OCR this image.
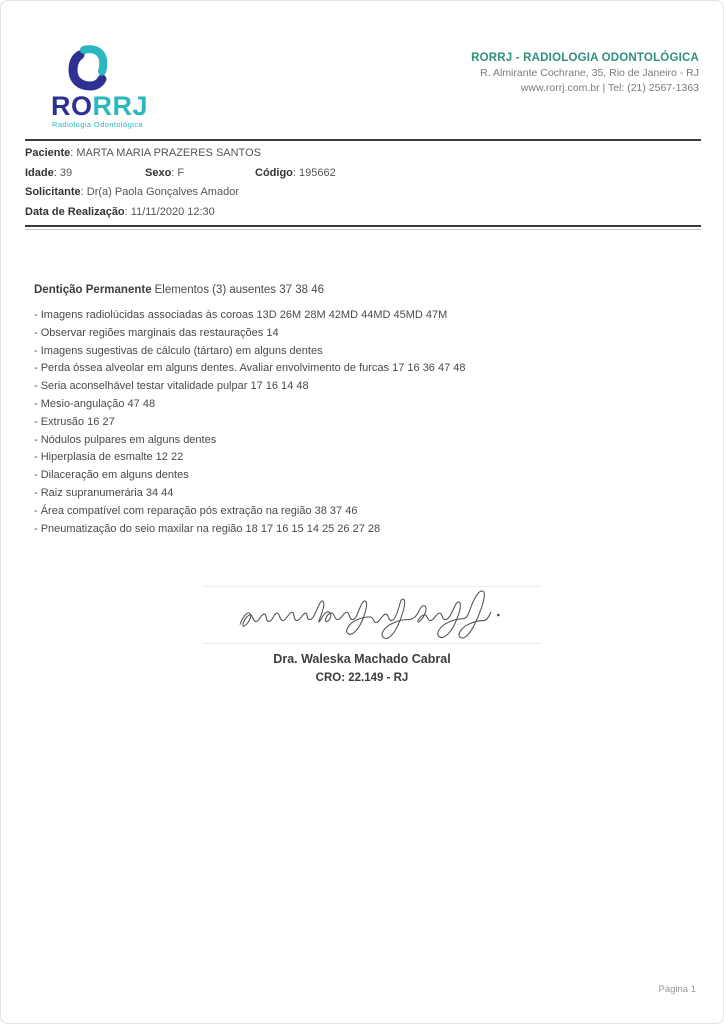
RORRJ
Radiologia Odontológica
RORRJ - RADIOLOGIA ODONTOLÓGICA
R. Almirante Cochrane, 35, Rio de Janeiro - RJ
www.rorrj.com.br | Tel: (21) 2567-1363
Paciente: MARTA MARIA PRAZERES SANTOS
Idade: 39	Sexo: F	Código: 195662
Solicitante: Dr(a) Paola Gonçalves Amador
Data de Realização: 11/11/2020 12:30
Dentição Permanente Elementos (3) ausentes 37 38 46
- Imagens radiolúcidas associadas às coroas 13D 26M 28M 42MD 44MD 45MD 47M
- Observar regiões marginais das restaurações 14
- Imagens sugestivas de cálculo (tártaro) em alguns dentes
- Perda óssea alveolar em alguns dentes. Avaliar envolvimento de furcas 17 16 36 47 48
- Seria aconselhável testar vitalidade pulpar 17 16 14 48
- Mesio-angulação 47 48
- Extrusão 16 27
- Nódulos pulpares em alguns dentes
- Hiperplasia de esmalte 12 22
- Dilaceração em alguns dentes
- Raiz supranumerária 34 44
- Área compatível com reparação pós extração na região 38 37 46
- Pneumatização do seio maxilar na região 18 17 16 15 14 25 26 27 28
Dra. Waleska Machado Cabral
CRO: 22.149 - RJ
Página 1
